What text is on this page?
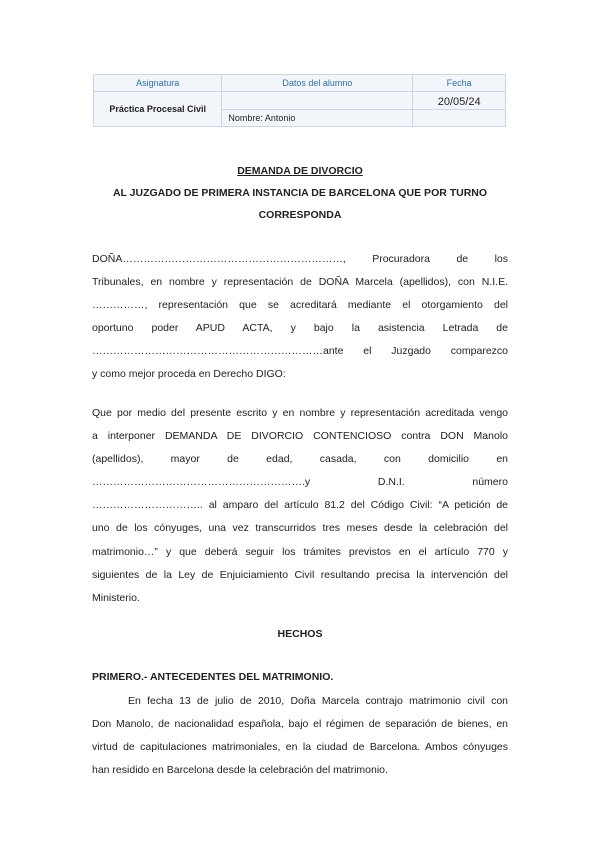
Asignatura	Datos del alumno	Fecha
Práctica Procesal Civil		20/05/24
	Nombre: Antonio	

DEMANDA DE DIVORCIO

AL JUZGADO DE PRIMERA INSTANCIA DE BARCELONA QUE POR TURNO

CORRESPONDA

DOÑA………………………………………………………, Procuradora de los
Tribunales, en nombre y representación de DOÑA Marcela (apellidos), con N.I.E.
……………, representación que se acreditará mediante el otorgamiento del
oportuno poder APUD ACTA, y bajo la asistencia Letrada de
…………………………………………………………ante el Juzgado comparezco
y como mejor proceda en Derecho DIGO:
Que por medio del presente escrito y en nombre y representación acreditada vengo
a interponer DEMANDA DE DIVORCIO CONTENCIOSO contra DON Manolo
(apellidos), mayor de edad, casada, con domicilio en
…………………………………………………….y D.N.I. número
………………………….. al amparo del artículo 81.2 del Código Civil: “A petición de
uno de los cónyuges, una vez transcurridos tres meses desde la celebración del
matrimonio…” y que deberá seguir los trámites previstos en el artículo 770 y
siguientes de la Ley de Enjuiciamiento Civil resultando precisa la intervención del
Ministerio.

HECHOS

PRIMERO.- ANTECEDENTES DEL MATRIMONIO.

En fecha 13 de julio de 2010, Doña Marcela contrajo matrimonio civil con
Don Manolo, de nacionalidad española, bajo el régimen de separación de bienes, en
virtud de capitulaciones matrimoniales, en la ciudad de Barcelona. Ambos cónyuges
han residido en Barcelona desde la celebración del matrimonio.
